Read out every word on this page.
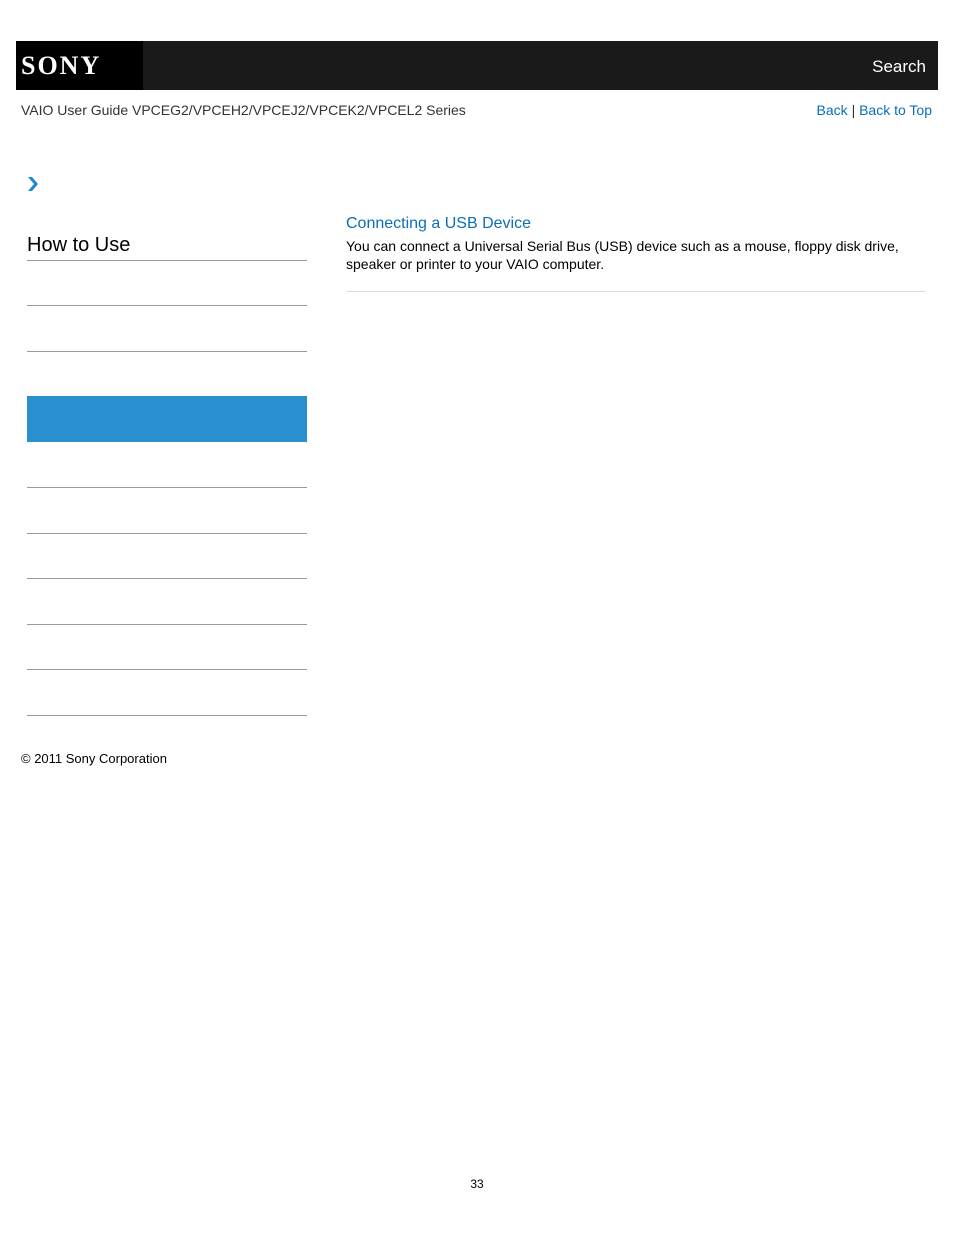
SONY	Search
VAIO User Guide VPCEG2/VPCEH2/VPCEJ2/VPCEK2/VPCEL2 Series	Back | Back to Top
How to Use
Connecting a USB Device

You can connect a Universal Serial Bus (USB) device such as a mouse, floppy disk drive, speaker or printer to your VAIO computer.

© 2011 Sony Corporation
33
